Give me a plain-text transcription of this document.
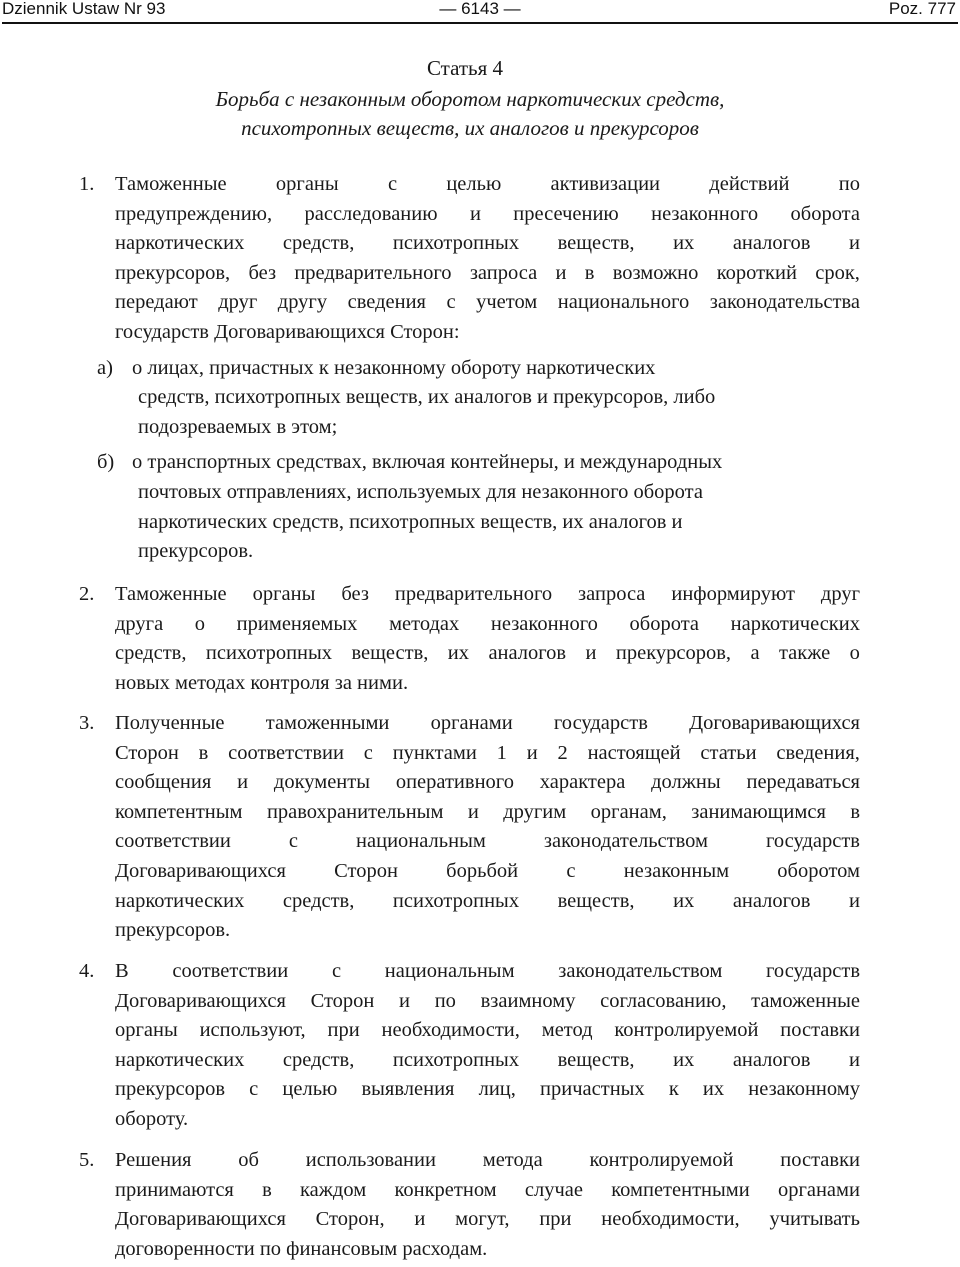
Dziennik Ustaw Nr 93	— 6143 —	Poz. 777
Статья 4
Борьба с незаконным оборотом наркотических средств,
психотропных веществ, их аналогов и прекурсоров
1. Таможенные органы с целью активизации действий по
предупреждению, расследованию и пресечению незаконного оборота
наркотических средств, психотропных веществ, их аналогов и
прекурсоров, без предварительного запроса и в возможно короткий срок,
передают друг другу сведения с учетом национального законодательства
государств Договаривающихся Сторон:
а) о лицах, причастных к незаконному обороту наркотических
средств, психотропных веществ, их аналогов и прекурсоров, либо
подозреваемых в этом;
б) о транспортных средствах, включая контейнеры, и международных
почтовых отправлениях, используемых для незаконного оборота
наркотических средств, психотропных веществ, их аналогов и
прекурсоров.
2. Таможенные органы без предварительного запроса информируют друг
друга о применяемых методах незаконного оборота наркотических
средств, психотропных веществ, их аналогов и прекурсоров, а также о
новых методах контроля за ними.
3. Полученные таможенными органами государств Договаривающихся
Сторон в соответствии с пунктами 1 и 2 настоящей статьи сведения,
сообщения и документы оперативного характера должны передаваться
компетентным правохранительным и другим органам, занимающимся в
соответствии	с	национальным	законодательством	государств
Договаривающихся Сторон борьбой с незаконным оборотом
наркотических средств, психотропных веществ, их аналогов и
прекурсоров.
4. В соответствии с национальным законодательством государств
Договаривающихся Сторон и по взаимному согласованию, таможенные
органы используют, при необходимости, метод контролируемой поставки
наркотических средств, психотропных веществ, их аналогов и
прекурсоров с целью выявления лиц, причастных к их незаконному
обороту.
5. Решения об использовании метода контролируемой поставки
принимаются в каждом конкретном случае компетентными органами
Договаривающихся Сторон, и могут, при необходимости, учитывать
договоренности по финансовым расходам.
